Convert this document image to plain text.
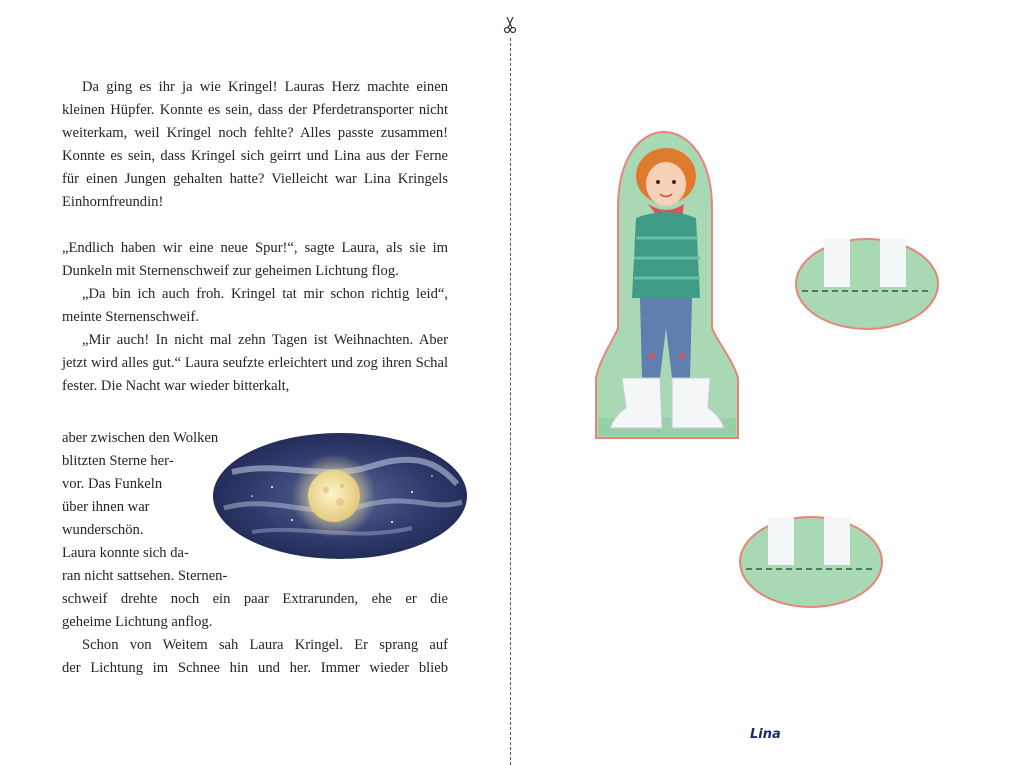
Da ging es ihr ja wie Kringel! Lauras Herz machte einen kleinen Hüpfer. Konnte es sein, dass der Pferdetransporter nicht weiterkam, weil Kringel noch fehlte? Alles passte zusammen! Konnte es sein, dass Kringel sich geirrt und Lina aus der Ferne für einen Jungen gehalten hatte? Vielleicht war Lina Kringels Einhornfreundin!

„Endlich haben wir eine neue Spur!“, sagte Laura, als sie im Dunkeln mit Sternenschweif zur geheimen Lichtung flog.

„Da bin ich auch froh. Kringel tat mir schon richtig leid“, meinte Sternenschweif.

„Mir auch! In nicht mal zehn Tagen ist Weihnachten. Aber jetzt wird alles gut.“ Laura seufzte erleichtert und zog ihren Schal fester. Die Nacht war wieder bitterkalt,

aber zwischen den Wolken
blitzten Sterne her-
vor. Das Funkeln
über ihnen war
wunderschön.
Laura konnte sich da-
ran nicht sattsehen. Sternen-
schweif drehte noch ein paar Extrarunden, ehe er die
geheime Lichtung anflog.
Schon von Weitem sah Laura Kringel. Er sprang auf
der Lichtung im Schnee hin und her. Immer wieder blieb
Lina
